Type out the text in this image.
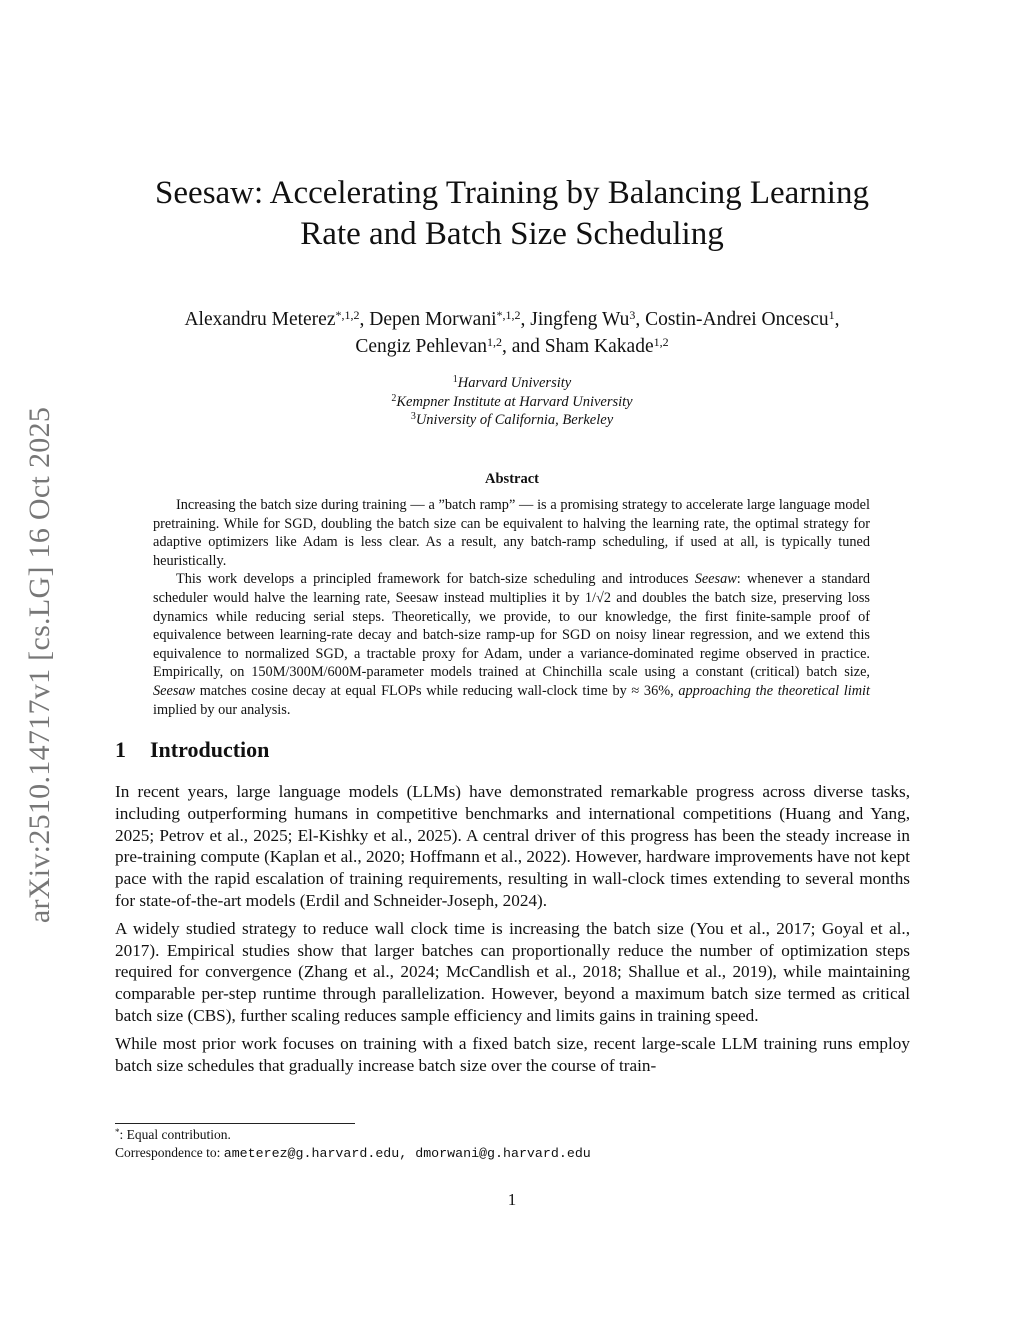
arXiv:2510.14717v1 [cs.LG] 16 Oct 2025
Seesaw: Accelerating Training by Balancing Learning
Rate and Batch Size Scheduling
Alexandru Meterez$^{*,1,2}$, Depen Morwani$^{*,1,2}$, Jingfeng Wu$^3$, Costin-Andrei Oncescu$^1$,
Cengiz Pehlevan$^{1,2}$, and Sham Kakade$^{1,2}$
$^1$Harvard University
$^2$Kempner Institute at Harvard University
$^3$University of California, Berkeley
Abstract

Increasing the batch size during training — a ”batch ramp” — is a promising strategy to accelerate large language model pretraining. While for SGD, doubling the batch size can be equivalent to halving the learning rate, the optimal strategy for adaptive optimizers like Adam is less clear. As a result, any batch-ramp scheduling, if used at all, is typically tuned heuristically.

This work develops a principled framework for batch-size scheduling and introduces Seesaw: whenever a standard scheduler would halve the learning rate, Seesaw instead multiplies it by 1/√2 and doubles the batch size, preserving loss dynamics while reducing serial steps. Theoretically, we provide, to our knowledge, the first finite-sample proof of equivalence between learning-rate decay and batch-size ramp-up for SGD on noisy linear regression, and we extend this equivalence to normalized SGD, a tractable proxy for Adam, under a variance-dominated regime observed in practice. Empirically, on 150M/300M/600M-parameter models trained at Chinchilla scale using a constant (critical) batch size, Seesaw matches cosine decay at equal FLOPs while reducing wall-clock time by ≈ 36%, approaching the theoretical limit implied by our analysis.

1 Introduction

In recent years, large language models (LLMs) have demonstrated remarkable progress across diverse tasks, including outperforming humans in competitive benchmarks and international competitions (Huang and Yang, 2025; Petrov et al., 2025; El-Kishky et al., 2025). A central driver of this progress has been the steady increase in pre-training compute (Kaplan et al., 2020; Hoffmann et al., 2022). However, hardware improvements have not kept pace with the rapid escalation of training requirements, resulting in wall-clock times extending to several months for state-of-the-art models (Erdil and Schneider-Joseph, 2024).

A widely studied strategy to reduce wall clock time is increasing the batch size (You et al., 2017; Goyal et al., 2017). Empirical studies show that larger batches can proportionally reduce the number of optimization steps required for convergence (Zhang et al., 2024; McCandlish et al., 2018; Shallue et al., 2019), while maintaining comparable per-step runtime through parallelization. However, beyond a maximum batch size termed as critical batch size (CBS), further scaling reduces sample efficiency and limits gains in training speed.

While most prior work focuses on training with a fixed batch size, recent large-scale LLM training runs employ batch size schedules that gradually increase batch size over the course of train-

*: Equal contribution.
Correspondence to: ameterez@g.harvard.edu, dmorwani@g.harvard.edu
1
